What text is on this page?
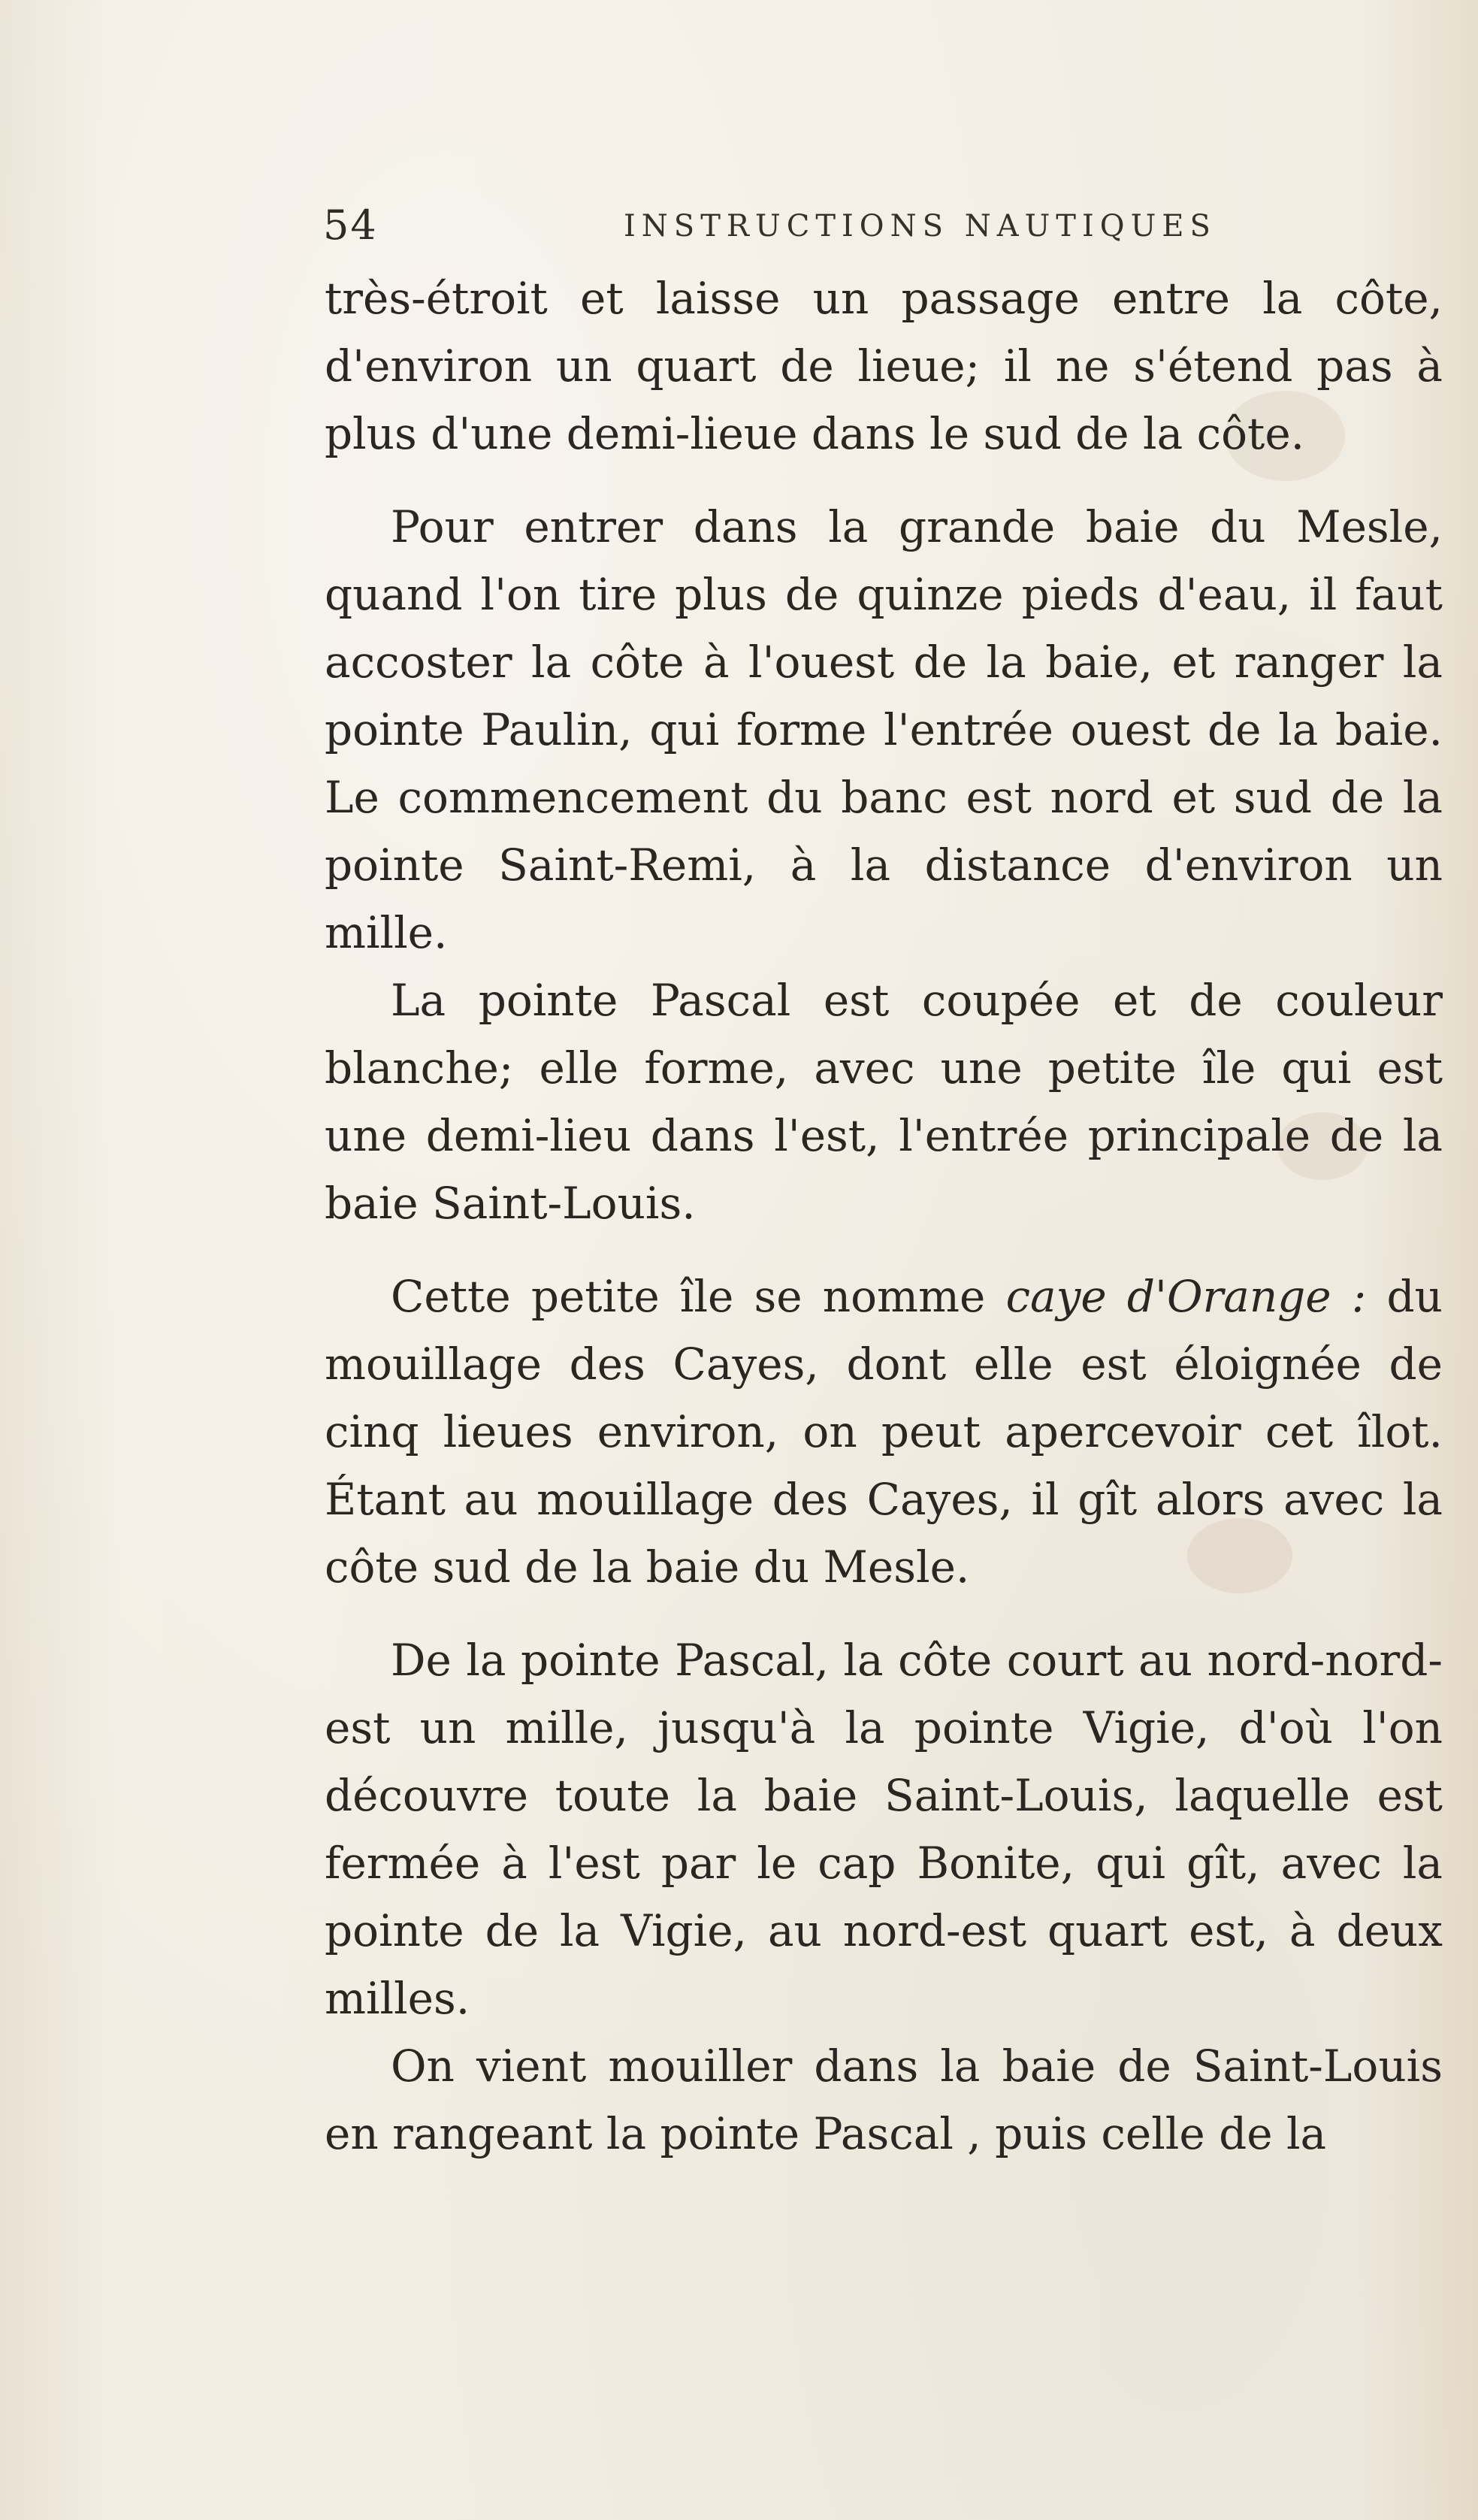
54	INSTRUCTIONS NAUTIQUES

très-étroit et laisse un passage entre la côte, d'environ un quart de lieue; il ne s'étend pas à plus d'une demi-lieue dans le sud de la côte.

Pour entrer dans la grande baie du Mesle, quand l'on tire plus de quinze pieds d'eau, il faut accoster la côte à l'ouest de la baie, et ranger la pointe Paulin, qui forme l'entrée ouest de la baie. Le commencement du banc est nord et sud de la pointe Saint-Remi, à la distance d'environ un mille.

La pointe Pascal est coupée et de couleur blanche; elle forme, avec une petite île qui est une demi-lieu dans l'est, l'entrée principale de la baie Saint-Louis.

Cette petite île se nomme caye d'Orange : du mouillage des Cayes, dont elle est éloignée de cinq lieues environ, on peut apercevoir cet îlot. Étant au mouillage des Cayes, il gît alors avec la côte sud de la baie du Mesle.

De la pointe Pascal, la côte court au nord-nord-est un mille, jusqu'à la pointe Vigie, d'où l'on découvre toute la baie Saint-Louis, laquelle est fermée à l'est par le cap Bonite, qui gît, avec la pointe de la Vigie, au nord-est quart est, à deux milles.

On vient mouiller dans la baie de Saint-Louis en rangeant la pointe Pascal , puis celle de la
